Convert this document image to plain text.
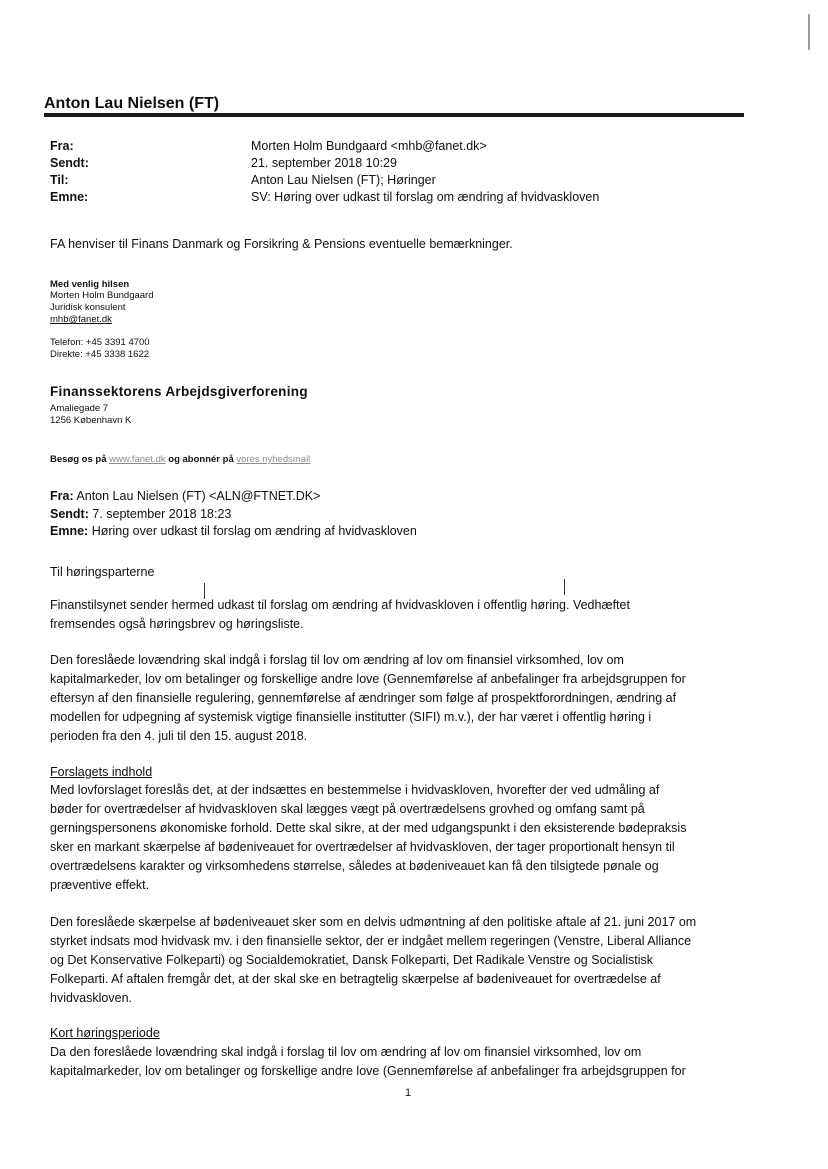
Anton Lau Nielsen (FT)
Fra:	Morten Holm Bundgaard <mhb@fanet.dk>
Sendt:	21. september 2018 10:29
Til:	Anton Lau Nielsen (FT); Høringer
Emne:	SV: Høring over udkast til forslag om ændring af hvidvaskloven
FA henviser til Finans Danmark og Forsikring & Pensions eventuelle bemærkninger.
Med venlig hilsen
Morten Holm Bundgaard
Juridisk konsulent
mhb@fanet.dk
Telefon: +45 3391 4700
Direkte: +45 3338 1622
Finanssektorens Arbejdsgiverforening
Amaliegade 7
1256 København K
Besøg os på www.fanet.dk og abonnér på vores nyhedsmail
Fra: Anton Lau Nielsen (FT) <ALN@FTNET.DK>
Sendt: 7. september 2018 18:23
Emne: Høring over udkast til forslag om ændring af hvidvaskloven
Til høringsparterne
Finanstilsynet sender hermed udkast til forslag om ændring af hvidvaskloven i offentlig høring. Vedhæftet
fremsendes også høringsbrev og høringsliste.
Den foreslåede lovændring skal indgå i forslag til lov om ændring af lov om finansiel virksomhed, lov om
kapitalmarkeder, lov om betalinger og forskellige andre love (Gennemførelse af anbefalinger fra arbejdsgruppen for
eftersyn af den finansielle regulering, gennemførelse af ændringer som følge af prospektforordningen, ændring af
modellen for udpegning af systemisk vigtige finansielle institutter (SIFI) m.v.), der har været i offentlig høring i
perioden fra den 4. juli til den 15. august 2018.
Forslagets indhold
Med lovforslaget foreslås det, at der indsættes en bestemmelse i hvidvaskloven, hvorefter der ved udmåling af
bøder for overtrædelser af hvidvaskloven skal lægges vægt på overtrædelsens grovhed og omfang samt på
gerningspersonens økonomiske forhold. Dette skal sikre, at der med udgangspunkt i den eksisterende bødepraksis
sker en markant skærpelse af bødeniveauet for overtrædelser af hvidvaskloven, der tager proportionalt hensyn til
overtrædelsens karakter og virksomhedens størrelse, således at bødeniveauet kan få den tilsigtede pønale og
præventive effekt.
Den foreslåede skærpelse af bødeniveauet sker som en delvis udmøntning af den politiske aftale af 21. juni 2017 om
styrket indsats mod hvidvask mv. i den finansielle sektor, der er indgået mellem regeringen (Venstre, Liberal Alliance
og Det Konservative Folkeparti) og Socialdemokratiet, Dansk Folkeparti, Det Radikale Venstre og Socialistisk
Folkeparti. Af aftalen fremgår det, at der skal ske en betragtelig skærpelse af bødeniveauet for overtrædelse af
hvidvaskloven.
Kort høringsperiode
Da den foreslåede lovændring skal indgå i forslag til lov om ændring af lov om finansiel virksomhed, lov om
kapitalmarkeder, lov om betalinger og forskellige andre love (Gennemførelse af anbefalinger fra arbejdsgruppen for
1
